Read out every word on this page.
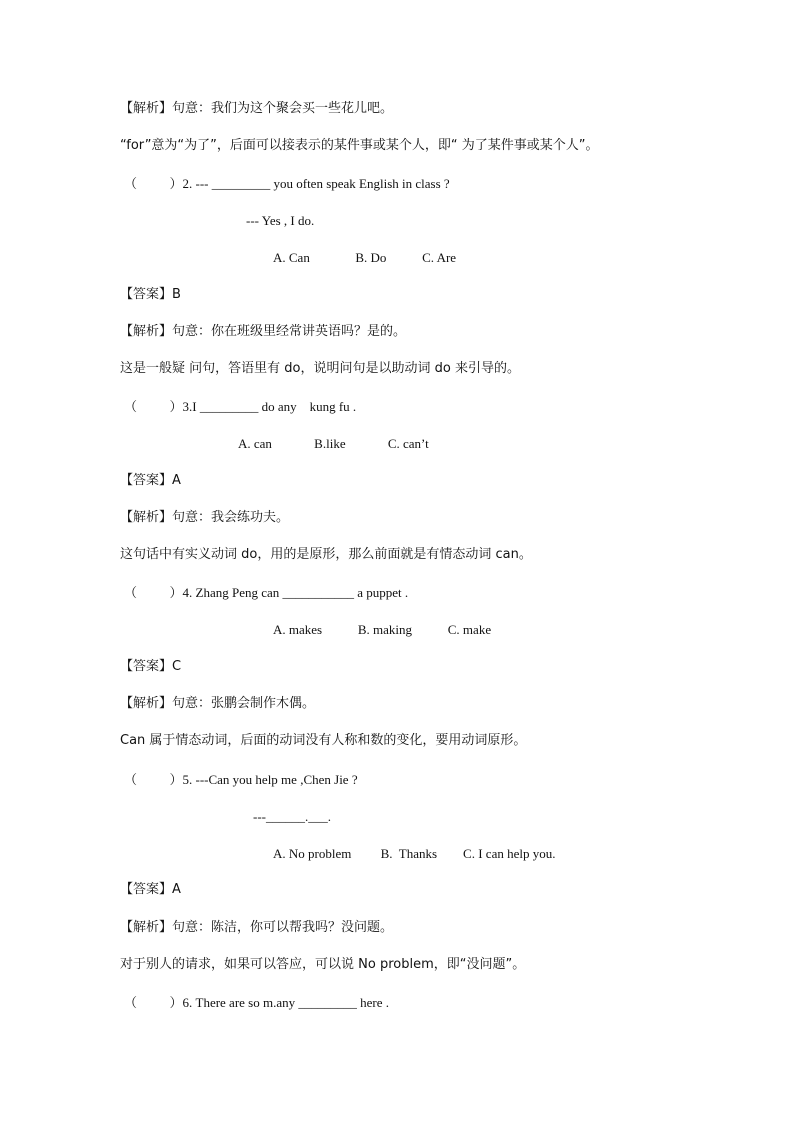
【解析】句意：我们为这个聚会买一些花儿吧。
“for”意为“为了”，后面可以接表示的某件事或某个人，即“ 为了某件事或某个人”。
（          ）2. --- _________ you often speak English in class ?
--- Yes , I do.
A. Can              B. Do           C. Are
【答案】B
【解析】句意：你在班级里经常讲英语吗？是的。
这是一般疑 问句，答语里有 do，说明问句是以助动词 do 来引导的。
（          ）3.I _________ do any    kung fu .
A. can             B.like             C. can’t
【答案】A
【解析】句意：我会练功夫。
这句话中有实义动词 do，用的是原形，那么前面就是有情态动词 can。
（          ）4. Zhang Peng can ___________ a puppet .
A. makes           B. making           C. make
【答案】C
【解析】句意：张鹏会制作木偶。
Can 属于情态动词，后面的动词没有人称和数的变化，要用动词原形。
（          ）5. ---Can you help me ,Chen Jie ?
---______.___.
A. No problem         B.  Thanks        C. I can help you.
【答案】A
【解析】句意：陈洁，你可以帮我吗？没问题。
对于别人的请求，如果可以答应，可以说 No problem，即“没问题”。
（          ）6. There are so m.any _________ here .
